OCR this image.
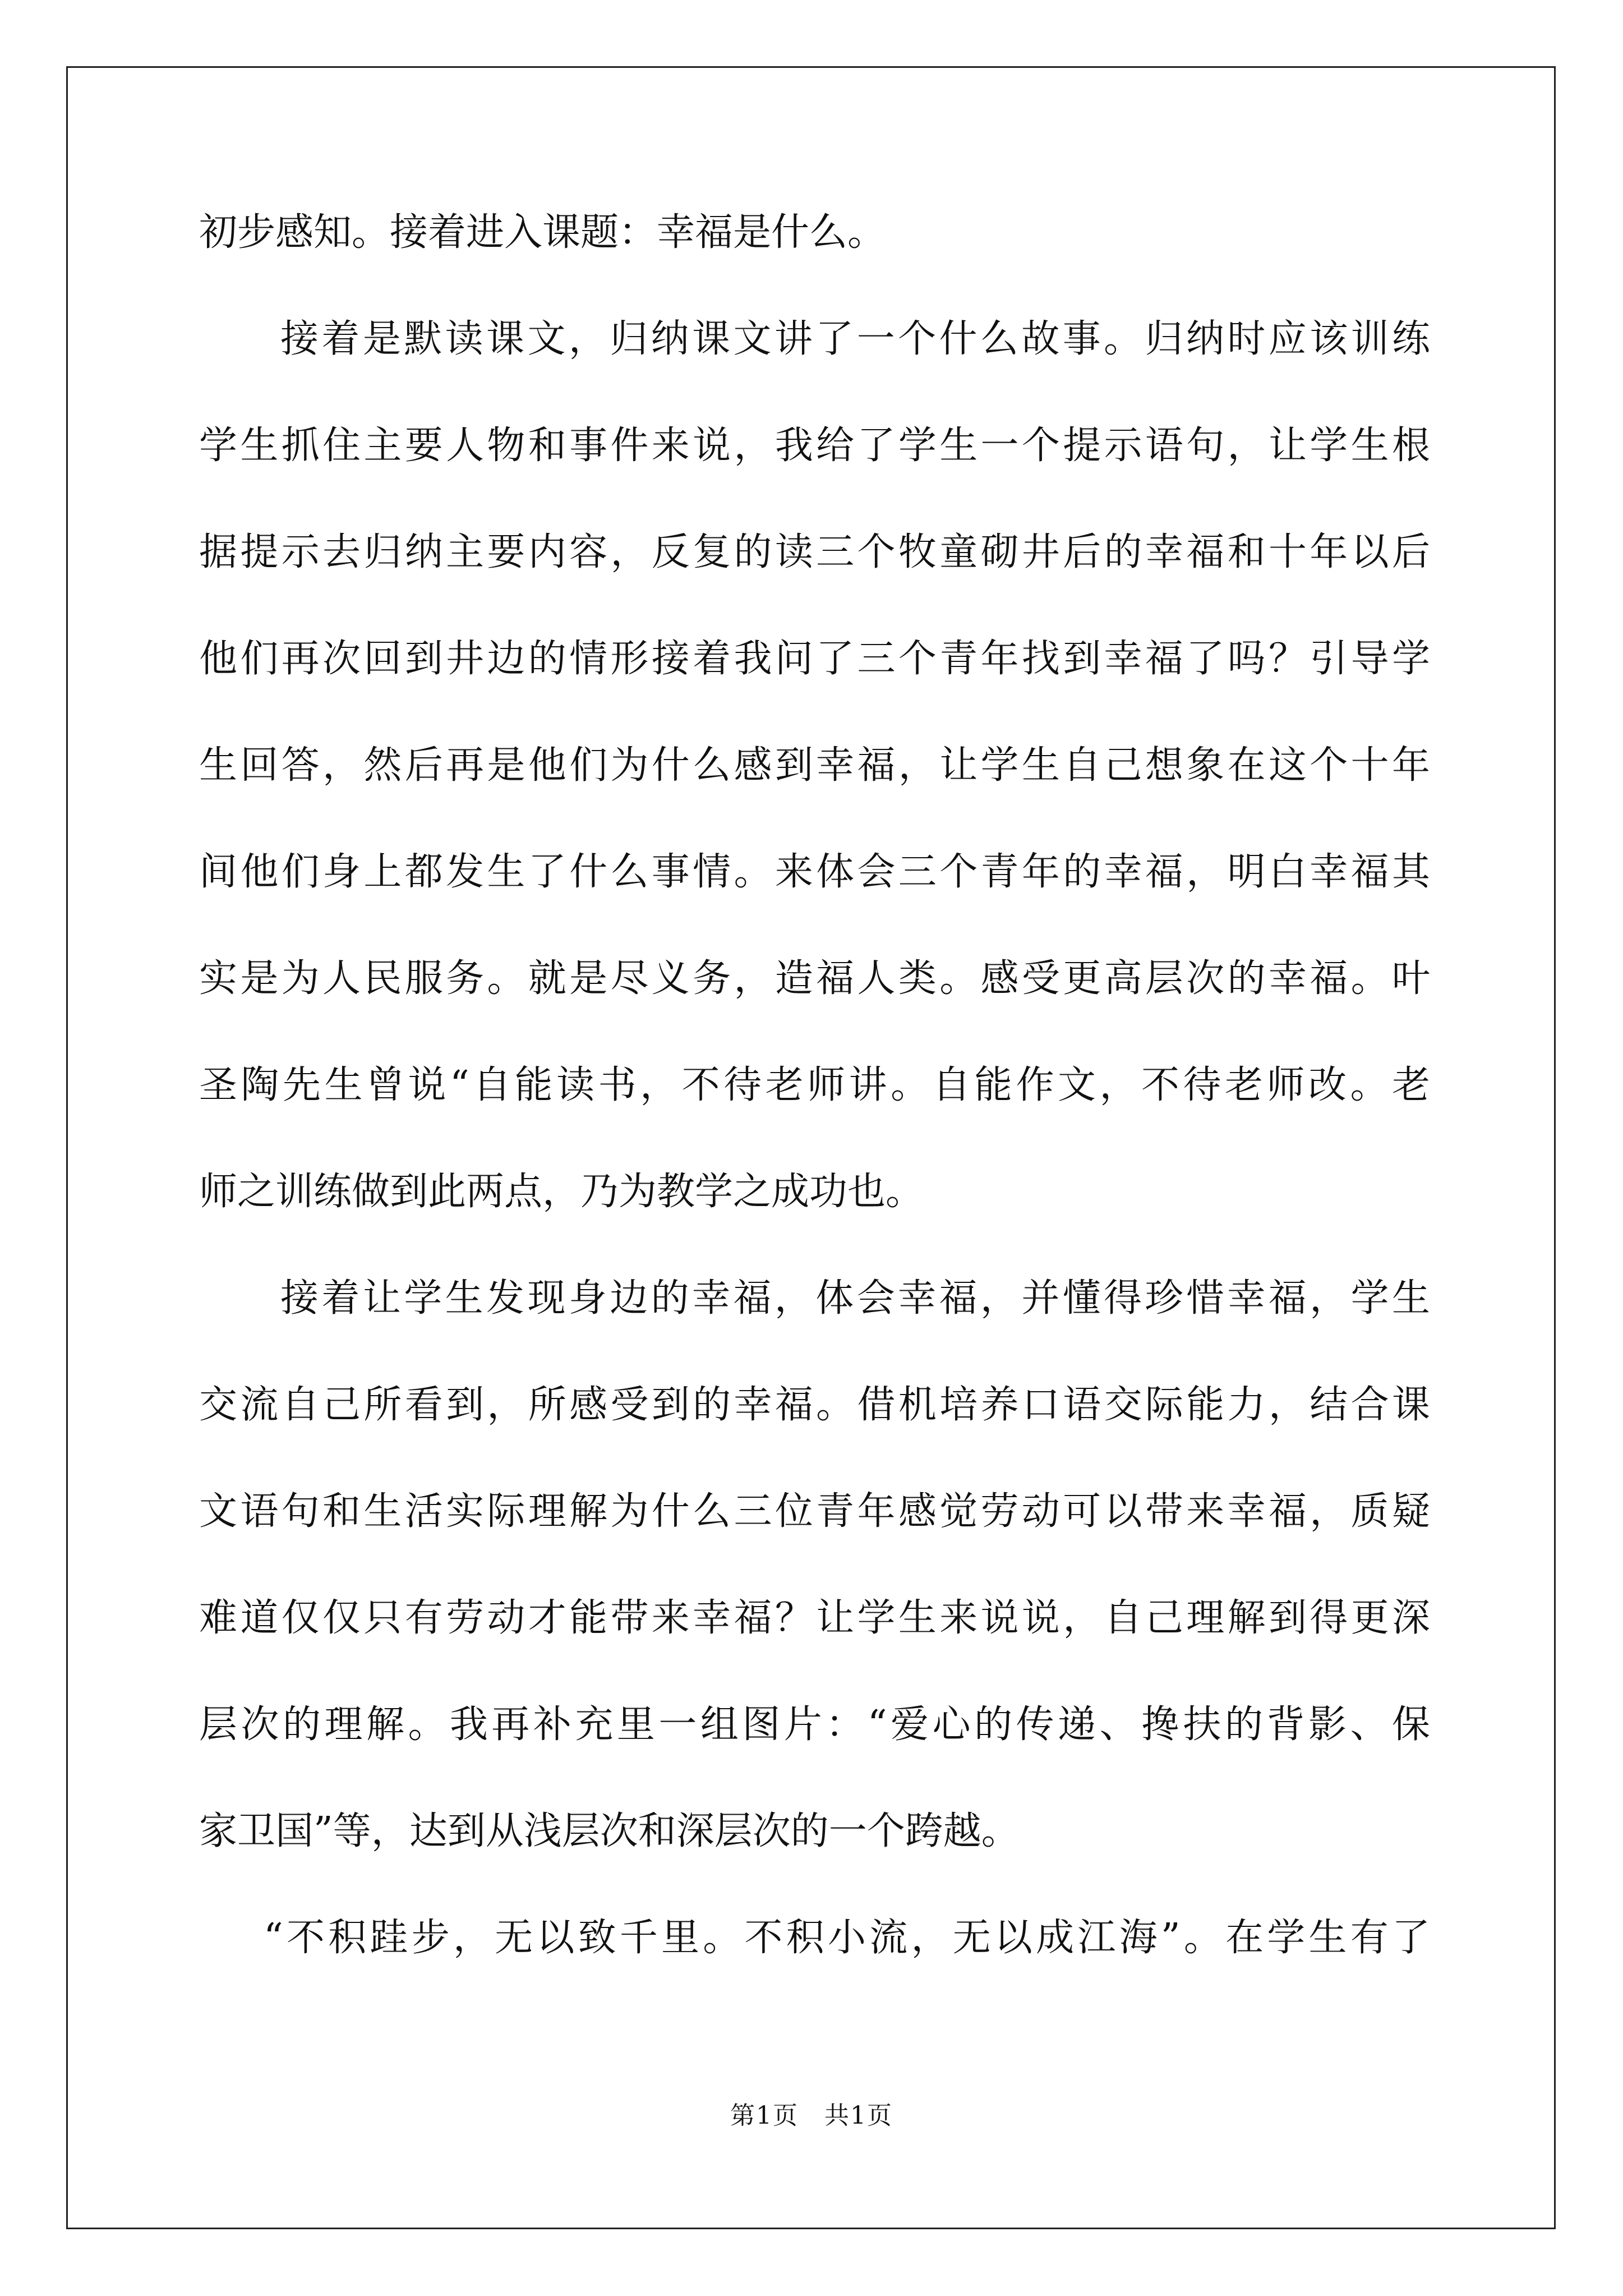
初步感知。接着进入课题：幸福是什么。
接着是默读课文，归纳课文讲了一个什么故事。归纳时应该训练
学生抓住主要人物和事件来说，我给了学生一个提示语句，让学生根
据提示去归纳主要内容，反复的读三个牧童砌井后的幸福和十年以后
他们再次回到井边的情形接着我问了三个青年找到幸福了吗？引导学
生回答，然后再是他们为什么感到幸福，让学生自己想象在这个十年
间他们身上都发生了什么事情。来体会三个青年的幸福，明白幸福其
实是为人民服务。就是尽义务，造福人类。感受更高层次的幸福。叶
圣陶先生曾说“自能读书，不待老师讲。自能作文，不待老师改。老
师之训练做到此两点，乃为教学之成功也。
接着让学生发现身边的幸福，体会幸福，并懂得珍惜幸福，学生
交流自己所看到，所感受到的幸福。借机培养口语交际能力，结合课
文语句和生活实际理解为什么三位青年感觉劳动可以带来幸福，质疑
难道仅仅只有劳动才能带来幸福？让学生来说说，自己理解到得更深
层次的理解。我再补充里一组图片：“爱心的传递、搀扶的背影、保
家卫国”等，达到从浅层次和深层次的一个跨越。
“不积跬步，无以致千里。不积小流，无以成江海”。在学生有了
第1页　共1页
